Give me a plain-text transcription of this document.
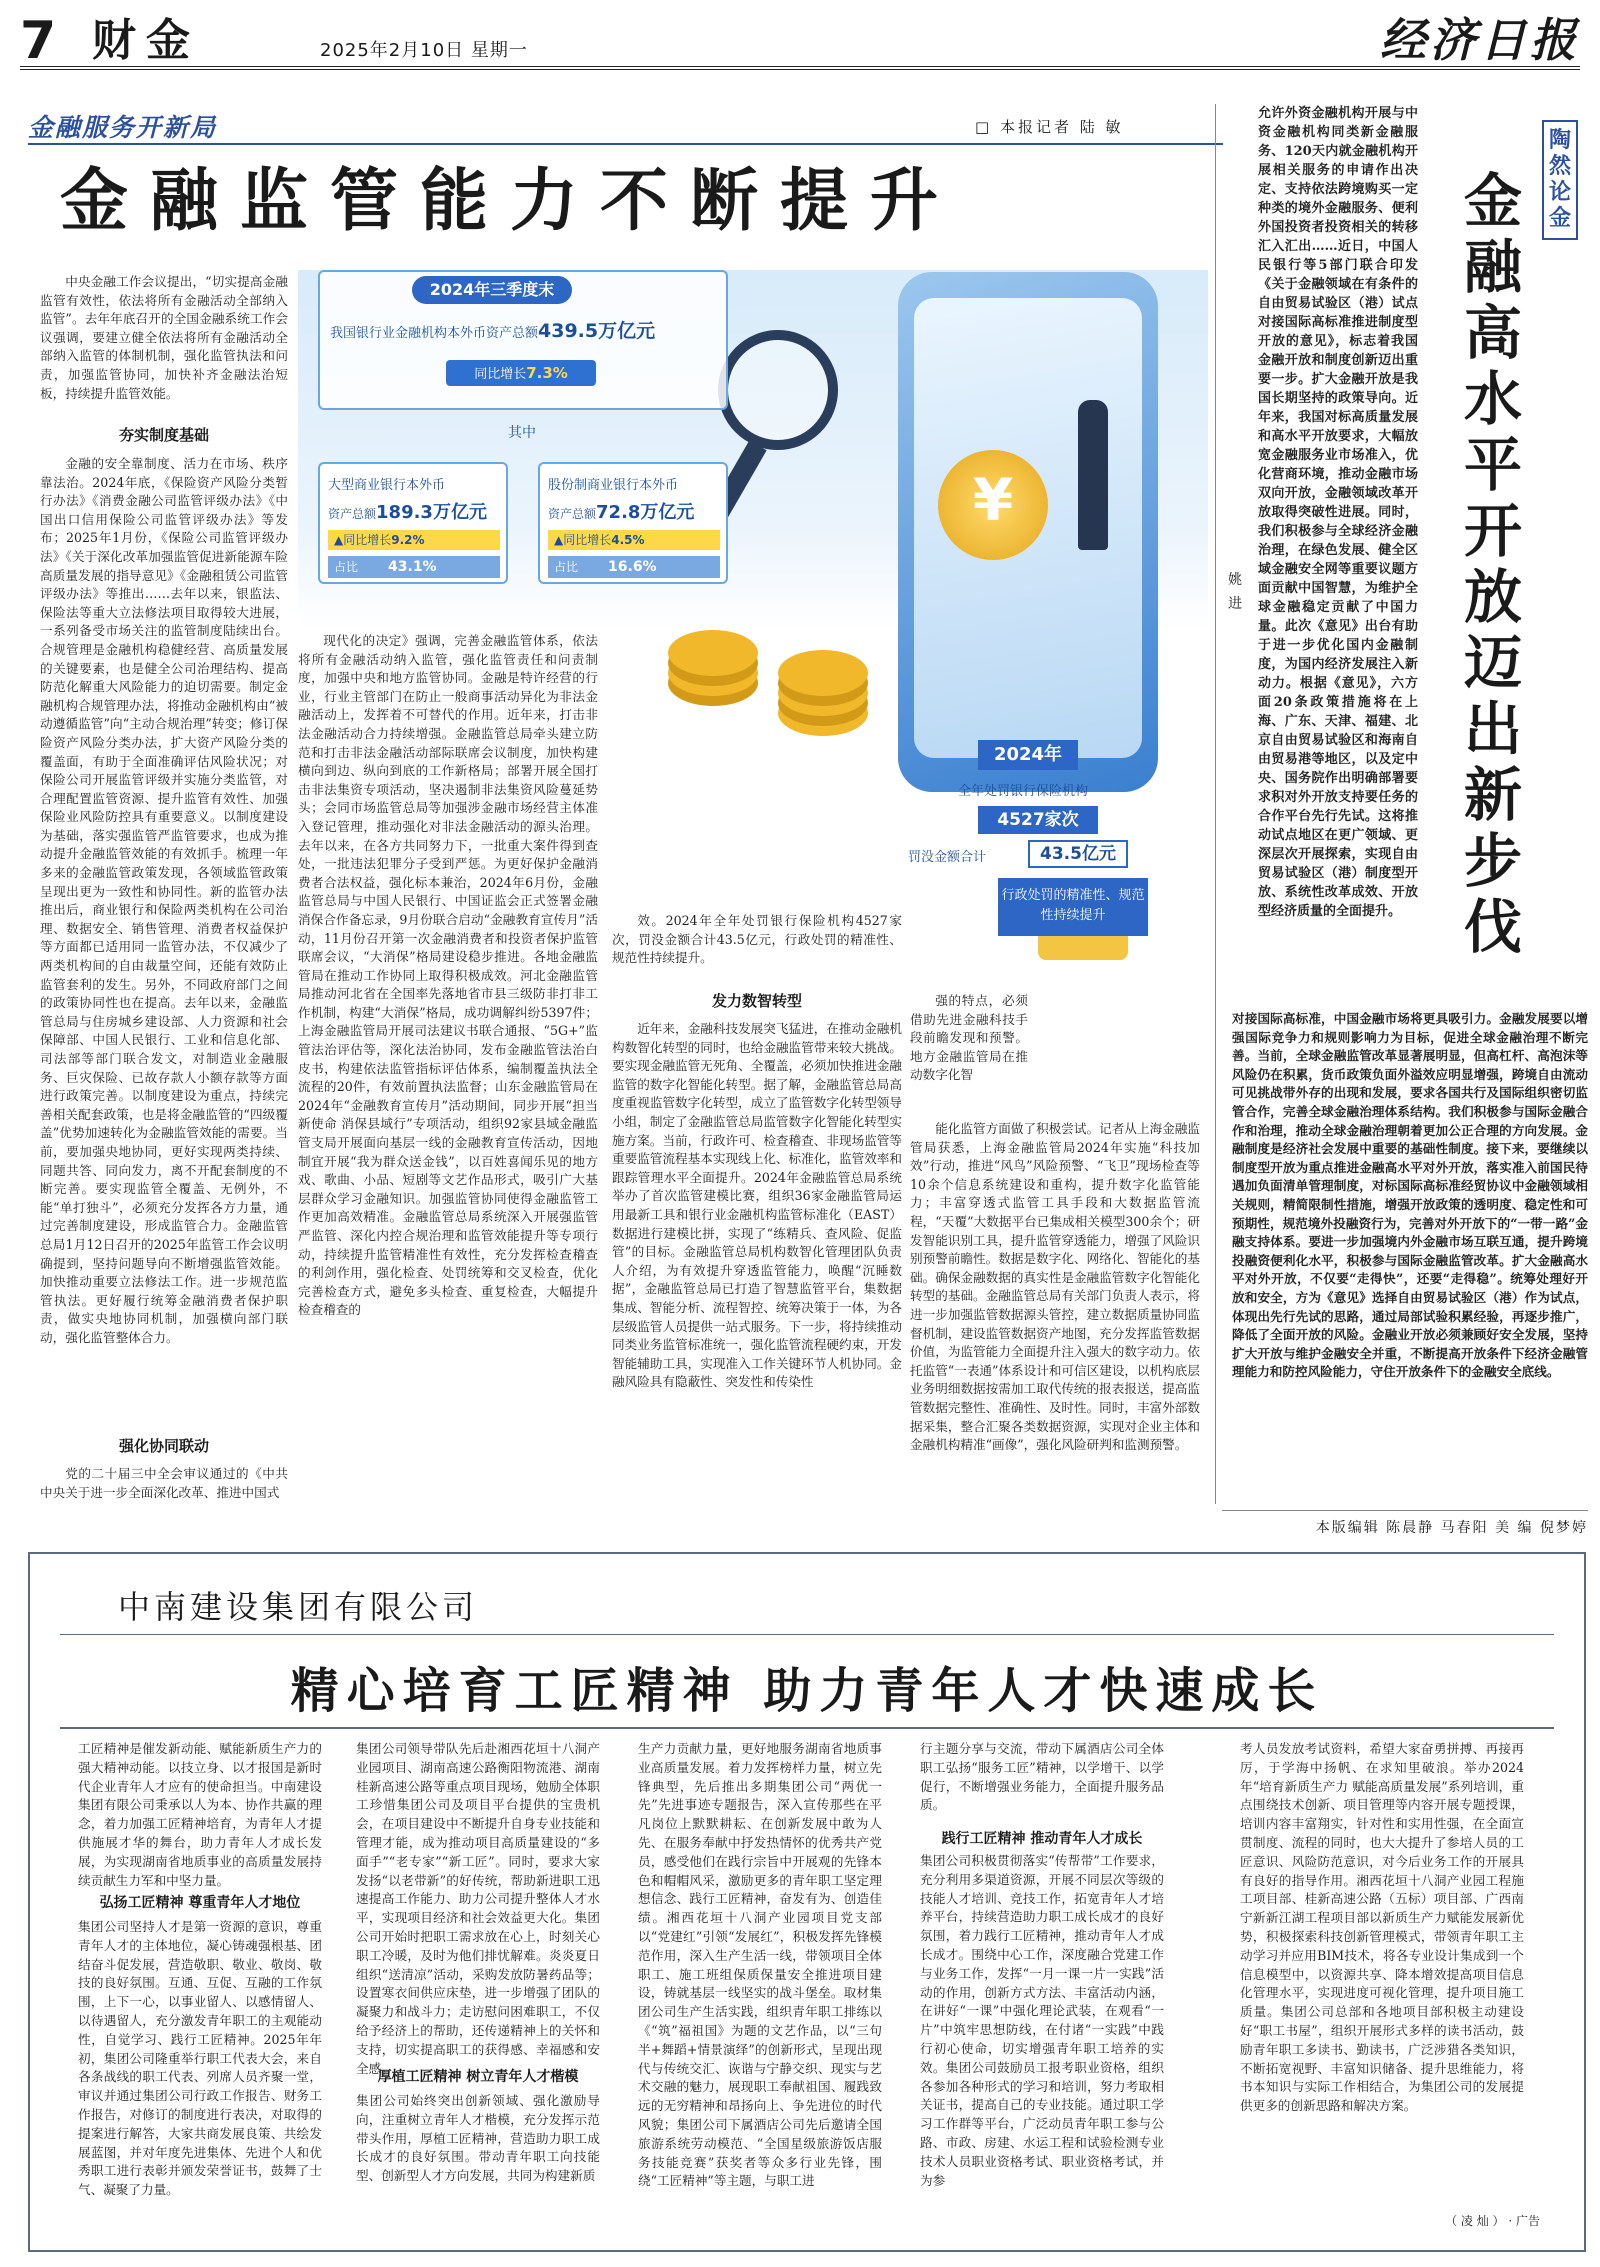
7 财金	2025年2月10日 星期一	经济日报
金融服务开新局	□ 本报记者 陆 敏
金融监管能力不断提升
中央金融工作会议提出，“切实提高金融监管有效性，依法将所有金融活动全部纳入监管”。去年年底召开的全国金融系统工作会议强调，要建立健全依法将所有金融活动全部纳入监管的体制机制，强化监管执法和问责，加强监管协同，加快补齐金融法治短板，持续提升监管效能。
夯实制度基础
金融的安全靠制度、活力在市场、秩序靠法治。2024年底，《保险资产风险分类暂行办法》《消费金融公司监管评级办法》《中国出口信用保险公司监管评级办法》等发布；2025年1月份，《保险公司监管评级办法》《关于深化改革加强监管促进新能源车险高质量发展的指导意见》《金融租赁公司监管评级办法》等推出……去年以来，银监法、保险法等重大立法修法项目取得较大进展，一系列备受市场关注的监管制度陆续出台。合规管理是金融机构稳健经营、高质量发展的关键要素，也是健全公司治理结构、提高防范化解重大风险能力的迫切需要。制定金融机构合规管理办法，将推动金融机构由“被动遵循监管”向“主动合规治理”转变；修订保险资产风险分类办法，扩大资产风险分类的覆盖面，有助于全面准确评估风险状况；对保险公司开展监管评级并实施分类监管，对合理配置监管资源、提升监管有效性、加强保险业风险防控具有重要意义。以制度建设为基础，落实强监管严监管要求，也成为推动提升金融监管效能的有效抓手。梳理一年多来的金融监管政策发现，各领域监管政策呈现出更为一致性和协同性。新的监管办法推出后，商业银行和保险两类机构在公司治理、数据安全、销售管理、消费者权益保护等方面都已适用同一监管办法，不仅减少了两类机构间的自由裁量空间，还能有效防止监管套利的发生。另外，不同政府部门之间的政策协同性也在提高。去年以来，金融监管总局与住房城乡建设部、人力资源和社会保障部、中国人民银行、工业和信息化部、司法部等部门联合发文，对制造业金融服务、巨灾保险、已故存款人小额存款等方面进行政策完善。以制度建设为重点，持续完善相关配套政策，也是将金融监管的“四级覆盖”优势加速转化为金融监管效能的需要。当前，要加强央地协同，更好实现两类持续、同题共答、同向发力，离不开配套制度的不断完善。要实现监管全覆盖、无例外，不能“单打独斗”，必须充分发挥各方力量，通过完善制度建设，形成监管合力。金融监管总局1月12日召开的2025年监管工作会议明确提到，坚持问题导向不断增强监管效能。加快推动重要立法修法工作。进一步规范监管执法。更好履行统筹金融消费者保护职责，做实央地协同机制，加强横向部门联动，强化监管整体合力。
强化协同联动
党的二十届三中全会审议通过的《中共中央关于进一步全面深化改革、推进中国式
现代化的决定》强调，完善金融监管体系，依法将所有金融活动纳入监管，强化监管责任和问责制度，加强中央和地方监管协同。金融是特许经营的行业，行业主管部门在防止一般商事活动异化为非法金融活动上，发挥着不可替代的作用。近年来，打击非法金融活动合力持续增强。金融监管总局牵头建立防范和打击非法金融活动部际联席会议制度，加快构建横向到边、纵向到底的工作新格局；部署开展全国打击非法集资专项活动，坚决遏制非法集资风险蔓延势头；会同市场监管总局等加强涉金融市场经营主体准入登记管理，推动强化对非法金融活动的源头治理。去年以来，在各方共同努力下，一批重大案件得到查处，一批违法犯罪分子受到严惩。为更好保护金融消费者合法权益，强化标本兼治，2024年6月份，金融监管总局与中国人民银行、中国证监会正式签署金融消保合作备忘录，9月份联合启动“金融教育宣传月”活动，11月份召开第一次金融消费者和投资者保护监管联席会议，“大消保”格局建设稳步推进。各地金融监管局在推动工作协同上取得积极成效。河北金融监管局推动河北省在全国率先落地省市县三级防非打非工作机制，构建“大消保”格局，成功调解纠纷5397件；上海金融监管局开展司法建议书联合通报、“5G+”监管法治评估等，深化法治协同，发布金融监管法治白皮书，构建依法监管指标评估体系，编制覆盖执法全流程的20件，有效前置执法监督；山东金融监管局在2024年“金融教育宣传月”活动期间，同步开展“担当新使命 消保县域行”专项活动，组织92家县域金融监管支局开展面向基层一线的金融教育宣传活动，因地制宜开展“我为群众送金钱”，以百姓喜闻乐见的地方戏、歌曲、小品、短剧等文艺作品形式，吸引广大基层群众学习金融知识。加强监管协同使得金融监管工作更加高效精准。金融监管总局系统深入开展强监管严监管、深化内控合规治理和监管效能提升等专项行动，持续提升监管精准性有效性，充分发挥检查稽查的利剑作用，强化检查、处罚统筹和交叉检查，优化完善检查方式，避免多头检查、重复检查，大幅提升检查稽查的
效。2024年全年处罚银行保险机构4527家次，罚没金额合计43.5亿元，行政处罚的精准性、规范性持续提升。
发力数智转型
近年来，金融科技发展突飞猛进，在推动金融机构数智化转型的同时，也给金融监管带来较大挑战。要实现金融监管无死角、全覆盖，必须加快推进金融监管的数字化智能化转型。据了解，金融监管总局高度重视监管数字化转型，成立了监管数字化转型领导小组，制定了金融监管总局监管数字化智能化转型实施方案。当前，行政许可、检查稽查、非现场监管等重要监管流程基本实现线上化、标准化，监管效率和跟踪管理水平全面提升。2024年金融监管总局系统举办了首次监管建模比赛，组织36家金融监管局运用最新工具和银行业金融机构监管标准化（EAST）数据进行建模比拼，实现了“练精兵、查风险、促监管”的目标。金融监管总局机构数智化管理团队负责人介绍，为有效提升穿透监管能力，唤醒“沉睡数据”，金融监管总局已打造了智慧监管平台，集数据集成、智能分析、流程智控、统筹决策于一体，为各层级监管人员提供一站式服务。下一步，将持续推动同类业务监管标准统一，强化监管流程硬约束，开发智能辅助工具，实现准入工作关键环节人机协同。金融风险具有隐蔽性、突发性和传染性
强的特点，必须借助先进金融科技手段前瞻发现和预警。地方金融监管局在推动数字化智
能化监管方面做了积极尝试。记者从上海金融监管局获悉，上海金融监管局2024年实施“科技加效”行动，推进“风鸟”风险预警、“飞卫”现场检查等10余个信息系统建设和重构，提升数字化监管能力；丰富穿透式监管工具手段和大数据监管流程，“天覆”大数据平台已集成相关模型300余个；研发智能识别工具，提升监管穿透能力，增强了风险识别预警前瞻性。数据是数字化、网络化、智能化的基础。确保金融数据的真实性是金融监管数字化智能化转型的基础。金融监管总局有关部门负责人表示，将进一步加强监管数据源头管控，建立数据质量协同监督机制，建设监管数据资产地图，充分发挥监管数据价值，为监管能力全面提升注入强大的数字动力。依托监管“一表通”体系设计和可信区建设，以机构底层业务明细数据按需加工取代传统的报表报送，提高监管数据完整性、准确性、及时性。同时，丰富外部数据采集，整合汇聚各类数据资源，实现对企业主体和金融机构精准“画像”，强化风险研判和监测预警。
¥
2024年三季度末
我国银行业金融机构本外币资产总额439.5万亿元
同比增长7.3%
其中
大型商业银行本外币
资产总额189.3万亿元
▲同比增长9.2%
占比 43.1%
股份制商业银行本外币
资产总额72.8万亿元
▲同比增长4.5%
占比 16.6%
2024年
全年处罚银行保险机构
4527家次
罚没金额合计	43.5亿元
行政处罚的精准性、规范性持续提升
允许外资金融机构开展与中资金融机构同类新金融服务、120天内就金融机构开展相关服务的申请作出决定、支持依法跨境购买一定种类的境外金融服务、便利外国投资者投资相关的转移汇入汇出……近日，中国人民银行等5部门联合印发《关于金融领域在有条件的自由贸易试验区（港）试点对接国际高标准推进制度型开放的意见》，标志着我国金融开放和制度创新迈出重要一步。扩大金融开放是我国长期坚持的政策导向。近年来，我国对标高质量发展和高水平开放要求，大幅放宽金融服务业市场准入，优化营商环境，推动金融市场双向开放，金融领域改革开放取得突破性进展。同时，我们积极参与全球经济金融治理，在绿色发展、健全区域金融安全网等重要议题方面贡献中国智慧，为维护全球金融稳定贡献了中国力量。此次《意见》出台有助于进一步优化国内金融制度，为国内经济发展注入新动力。根据《意见》，六方面20条政策措施将在上海、广东、天津、福建、北京自由贸易试验区和海南自由贸易港等地区，以及定中央、国务院作出明确部署要求积对外开放支持要任务的合作平台先行先试。这将推动试点地区在更广领域、更深层次开展探索，实现自由贸易试验区（港）制度型开放、系统性改革成效、开放型经济质量的全面提升。
陶然论金
金融高水平开放迈出新步伐
姚进
对接国际高标准，中国金融市场将更具吸引力。金融发展要以增强国际竞争力和规则影响力为目标，促进全球金融治理不断完善。当前，全球金融监管改革显著展明显，但高杠杆、高泡沫等风险仍在积累，货币政策负面外溢效应明显增强，跨境自由流动可见挑战带外存的出现和发展，要求各国共行及国际组织密切监管合作，完善全球金融治理体系结构。我们积极参与国际金融合作和治理，推动全球金融治理朝着更加公正合理的方向发展。金融制度是经济社会发展中重要的基础性制度。接下来，要继续以制度型开放为重点推进金融高水平对外开放，落实准入前国民待遇加负面清单管理制度，对标国际高标准经贸协议中金融领域相关规则，精简限制性措施，增强开放政策的透明度、稳定性和可预期性，规范境外投融资行为，完善对外开放下的“一带一路”金融支持体系。要进一步加强境内外金融市场互联互通，提升跨境投融资便利化水平，积极参与国际金融监管改革。扩大金融高水平对外开放，不仅要“走得快”，还要“走得稳”。统筹处理好开放和安全，方为《意见》选择自由贸易试验区（港）作为试点，体现出先行先试的思路，通过局部试验积累经验，再逐步推广，降低了全面开放的风险。金融业开放必须兼顾好安全发展，坚持扩大开放与维护金融安全并重，不断提高开放条件下经济金融管理能力和防控风险能力，守住开放条件下的金融安全底线。
本版编辑 陈晨静 马春阳 美 编 倪梦婷
中南建设集团有限公司
精心培育工匠精神 助力青年人才快速成长
工匠精神是催发新动能、赋能新质生产力的强大精神动能。以技立身、以才报国是新时代企业青年人才应有的使命担当。中南建设集团有限公司秉承以人为本、协作共赢的理念，着力加强工匠精神培育，为青年人才提供施展才华的舞台，助力青年人才成长发展，为实现湖南省地质事业的高质量发展持续贡献生力军和中坚力量。
弘扬工匠精神 尊重青年人才地位
集团公司坚持人才是第一资源的意识，尊重青年人才的主体地位，凝心铸魂强根基、团结奋斗促发展，营造敬职、敬业、敬岗、敬技的良好氛围。互通、互促、互融的工作氛围，上下一心，以事业留人、以感情留人、以待遇留人，充分激发青年职工的主观能动性，自觉学习、践行工匠精神。2025年年初，集团公司隆重举行职工代表大会，来自各条战线的职工代表、列席人员齐聚一堂，审议并通过集团公司行政工作报告、财务工作报告，对修订的制度进行表决，对取得的提案进行解答，大家共商发展良策、共绘发展蓝图，并对年度先进集体、先进个人和优秀职工进行表彰并颁发荣誉证书，鼓舞了士气、凝聚了力量。
集团公司领导带队先后赴湘西花垣十八洞产业园项目、湖南高速公路衡阳物流港、湖南桂新高速公路等重点项目现场，勉励全体职工珍惜集团公司及项目平台提供的宝贵机会，在项目建设中不断提升自身专业技能和管理才能，成为推动项目高质量建设的“多面手”“老专家”“新工匠”。同时，要求大家发扬“以老带新”的好传统，帮助新进职工迅速提高工作能力、助力公司提升整体人才水平，实现项目经济和社会效益更大化。集团公司开始时把职工需求放在心上，时刻关心职工冷暖，及时为他们排忧解难。炎炎夏日组织“送清凉”活动，采购发放防暑药品等；设置寒衣间供应床垫，进一步增强了团队的凝聚力和战斗力；走访慰问困难职工，不仅给予经济上的帮助，还传递精神上的关怀和支持，切实提高职工的获得感、幸福感和安全感。
厚植工匠精神 树立青年人才楷模
集团公司始终突出创新领域、强化激励导向，注重树立青年人才楷模，充分发挥示范带头作用，厚植工匠精神，营造助力职工成长成才的良好氛围。带动青年职工向技能型、创新型人才方向发展，共同为构建新质
生产力贡献力量，更好地服务湖南省地质事业高质量发展。着力发挥榜样力量，树立先锋典型，先后推出多期集团公司“两优一先”先进事迹专题报告，深入宣传那些在平凡岗位上默默耕耘、在创新发展中敢为人先、在服务奉献中抒发热情怀的优秀共产党员，感受他们在践行宗旨中开展观的先锋本色和帽帽风采，激励更多的青年职工坚定理想信念、践行工匠精神，奋发有为、创造佳绩。湘西花垣十八洞产业园项目党支部以“党建红”引领“发展红”，积极发挥先锋模范作用，深入生产生活一线，带领项目全体职工、施工班组保质保量安全推进项目建设，铸就基层一线坚实的战斗堡垒。取材集团公司生产生活实践，组织青年职工排练以《“筑”福祖国》为题的文艺作品，以“三句半+舞蹈+情景演绎”的创新形式，呈现出现代与传统交汇、诙谐与宁静交织、现实与艺术交融的魅力，展现职工奉献祖国、履践致远的无穷精神和昂扬向上、争先进位的时代风貌；集团公司下属酒店公司先后邀请全国旅游系统劳动模范、“全国星级旅游饭店服务技能竞赛”获奖者等众多行业先锋，围绕“工匠精神”等主题，与职工进
行主题分享与交流，带动下属酒店公司全体职工弘扬“服务工匠”精神，以学增干、以学促行，不断增强业务能力，全面提升服务品质。
践行工匠精神 推动青年人才成长
集团公司积极贯彻落实“传帮带”工作要求，充分利用多渠道资源，开展不同层次等级的技能人才培训、竞技工作，拓宽青年人才培养平台，持续营造助力职工成长成才的良好氛围，着力践行工匠精神，推动青年人才成长成才。围绕中心工作，深度融合党建工作与业务工作，发挥“一月一课一片一实践”活动的作用，创新方式方法、丰富活动内涵，在讲好“一课”中强化理论武装，在观看“一片”中筑牢思想防线，在付诸“一实践”中践行初心使命，切实增强青年职工培养的实效。集团公司鼓励员工报考职业资格，组织各参加各种形式的学习和培训，努力考取相关证书，提高自己的专业技能。通过职工学习工作群等平台，广泛动员青年职工参与公路、市政、房建、水运工程和试验检测专业技术人员职业资格考试、职业资格考试，并为参
考人员发放考试资料，希望大家奋勇拼搏、再接再厉，于学海中扬帆、在求知里破浪。举办2024年“培育新质生产力 赋能高质量发展”系列培训，重点围绕技术创新、项目管理等内容开展专题授课，培训内容丰富翔实，针对性和实用性强，在全面宣贯制度、流程的同时，也大大提升了参培人员的工匠意识、风险防范意识，对今后业务工作的开展具有良好的指导作用。湘西花垣十八洞产业园工程施工项目部、桂新高速公路（五标）项目部、广西南宁新新江湖工程项目部以新质生产力赋能发展新优势，积极探索科技创新管理模式，带领青年职工主动学习并应用BIM技术，将各专业设计集成到一个信息模型中，以资源共享、降本增效提高项目信息化管理水平，实现进度可视化管理，提升项目施工质量。集团公司总部和各地项目部积极主动建设好“职工书屋”，组织开展形式多样的读书活动，鼓励青年职工多读书、勤读书，广泛涉猎各类知识，不断拓宽视野、丰富知识储备、提升思维能力，将书本知识与实际工作相结合，为集团公司的发展提供更多的创新思路和解决方案。
（ 凌 灿 ） · 广告
